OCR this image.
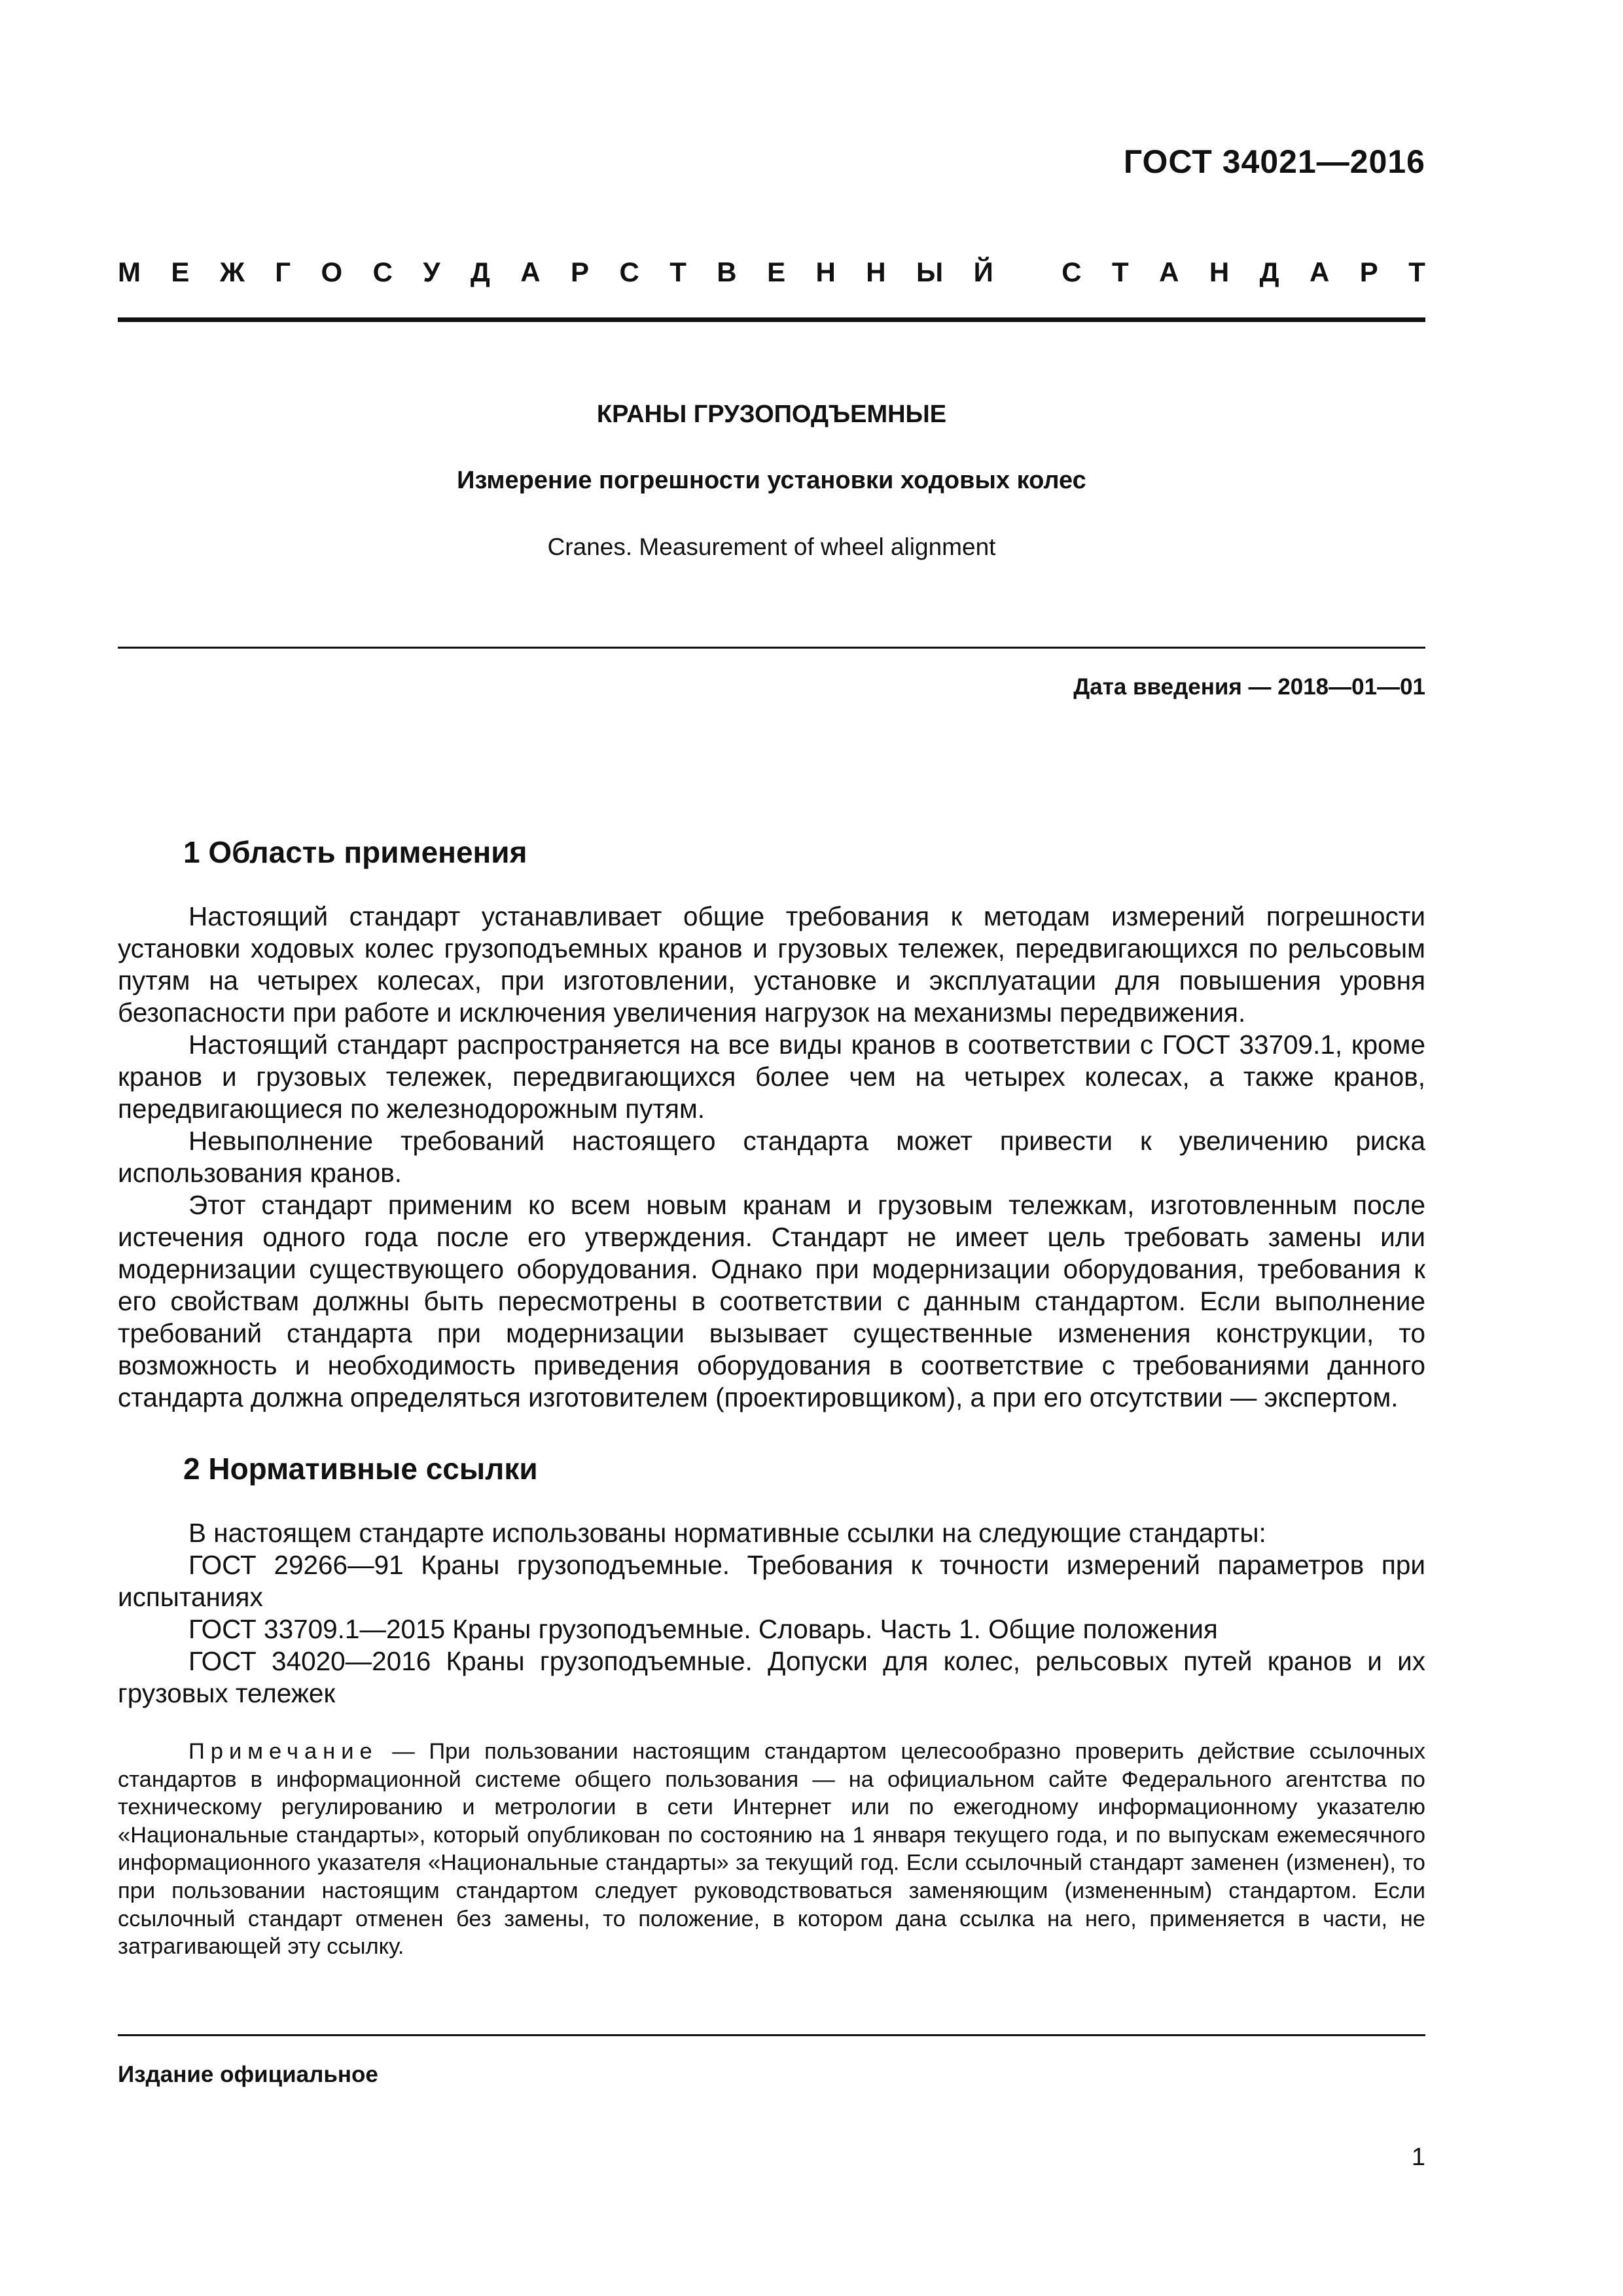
ГОСТ 34021—2016
М Е Ж Г О С У Д А Р С Т В Е Н Н Ы Й
С Т А Н Д А Р Т
КРАНЫ ГРУЗОПОДЪЕМНЫЕ
Измерение погрешности установки ходовых колес
Cranes. Measurement of wheel alignment
Дата введения — 2018—01—01
1 Область применения

Настоящий стандарт устанавливает общие требования к методам измерений погрешности установки ходовых колес грузоподъемных кранов и грузовых тележек, передвигающихся по рельсовым путям на четырех колесах, при изготовлении, установке и эксплуатации для повышения уровня безопасности при работе и исключения увеличения нагрузок на механизмы передвижения.

Настоящий стандарт распространяется на все виды кранов в соответствии с ГОСТ 33709.1, кроме кранов и грузовых тележек, передвигающихся более чем на четырех колесах, а также кранов, передвигающиеся по железнодорожным путям.

Невыполнение требований настоящего стандарта может привести к увеличению риска использования кранов.

Этот стандарт применим ко всем новым кранам и грузовым тележкам, изготовленным после истечения одного года после его утверждения. Стандарт не имеет цель требовать замены или модернизации существующего оборудования. Однако при модернизации оборудования, требования к его свойствам должны быть пересмотрены в соответствии с данным стандартом. Если выполнение требований стандарта при модернизации вызывает существенные изменения конструкции, то возможность и необходимость приведения оборудования в соответствие с требованиями данного стандарта должна определяться изготовителем (проектировщиком), а при его отсутствии — экспертом.

2 Нормативные ссылки

В настоящем стандарте использованы нормативные ссылки на следующие стандарты:

ГОСТ 29266—91 Краны грузоподъемные. Требования к точности измерений параметров при испытаниях

ГОСТ 33709.1—2015 Краны грузоподъемные. Словарь. Часть 1. Общие положения

ГОСТ 34020—2016 Краны грузоподъемные. Допуски для колес, рельсовых путей кранов и их грузовых тележек

Примечание — При пользовании настоящим стандартом целесообразно проверить действие ссылочных стандартов в информационной системе общего пользования — на официальном сайте Федерального агентства по техническому регулированию и метрологии в сети Интернет или по ежегодному информационному указателю «Национальные стандарты», который опубликован по состоянию на 1 января текущего года, и по выпускам ежемесячного информационного указателя «Национальные стандарты» за текущий год. Если ссылочный стандарт заменен (изменен), то при пользовании настоящим стандартом следует руководствоваться заменяющим (измененным) стандартом. Если ссылочный стандарт отменен без замены, то положение, в котором дана ссылка на него, применяется в части, не затрагивающей эту ссылку.

Издание официальное
1
